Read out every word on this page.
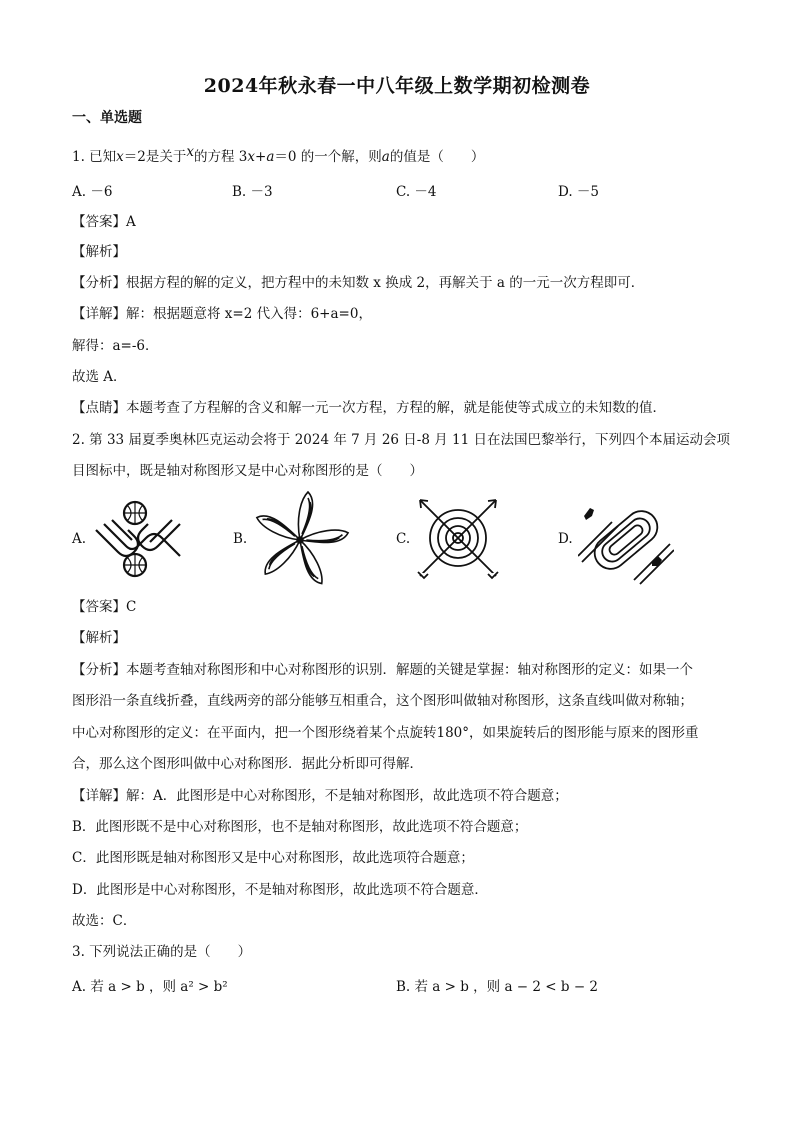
2024年秋永春一中八年级上数学期初检测卷
一、单选题
1. 已知x＝2是关于x的方程 3x+a＝0 的一个解，则a的值是（　　）
A. －6	B. －3	C. －4	D. －5
【答案】A
【解析】
【分析】根据方程的解的定义，把方程中的未知数 x 换成 2，再解关于 a 的一元一次方程即可．
【详解】解：根据题意将 x=2 代入得：6+a=0，
解得：a=-6．
故选 A．
【点睛】本题考查了方程解的含义和解一元一次方程，方程的解，就是能使等式成立的未知数的值．
2. 第 33 届夏季奥林匹克运动会将于 2024 年 7 月 26 日-8 月 11 日在法国巴黎举行，下列四个本届运动会项
目图标中，既是轴对称图形又是中心对称图形的是（　　）
A.	B.	C.	D.
【答案】C
【解析】
【分析】本题考查轴对称图形和中心对称图形的识别．解题的关键是掌握：轴对称图形的定义：如果一个
图形沿一条直线折叠，直线两旁的部分能够互相重合，这个图形叫做轴对称图形，这条直线叫做对称轴；
中心对称图形的定义：在平面内，把一个图形绕着某个点旋转180°，如果旋转后的图形能与原来的图形重
合，那么这个图形叫做中心对称图形．据此分析即可得解．
【详解】解：A．此图形是中心对称图形，不是轴对称图形，故此选项不符合题意；
B．此图形既不是中心对称图形，也不是轴对称图形，故此选项不符合题意；
C．此图形既是轴对称图形又是中心对称图形，故此选项符合题意；
D．此图形是中心对称图形，不是轴对称图形，故此选项不符合题意．
故选：C．
3. 下列说法正确的是（　　）
A. 若 a > b ，则 a² > b²	B. 若 a > b ，则 a − 2 < b − 2
